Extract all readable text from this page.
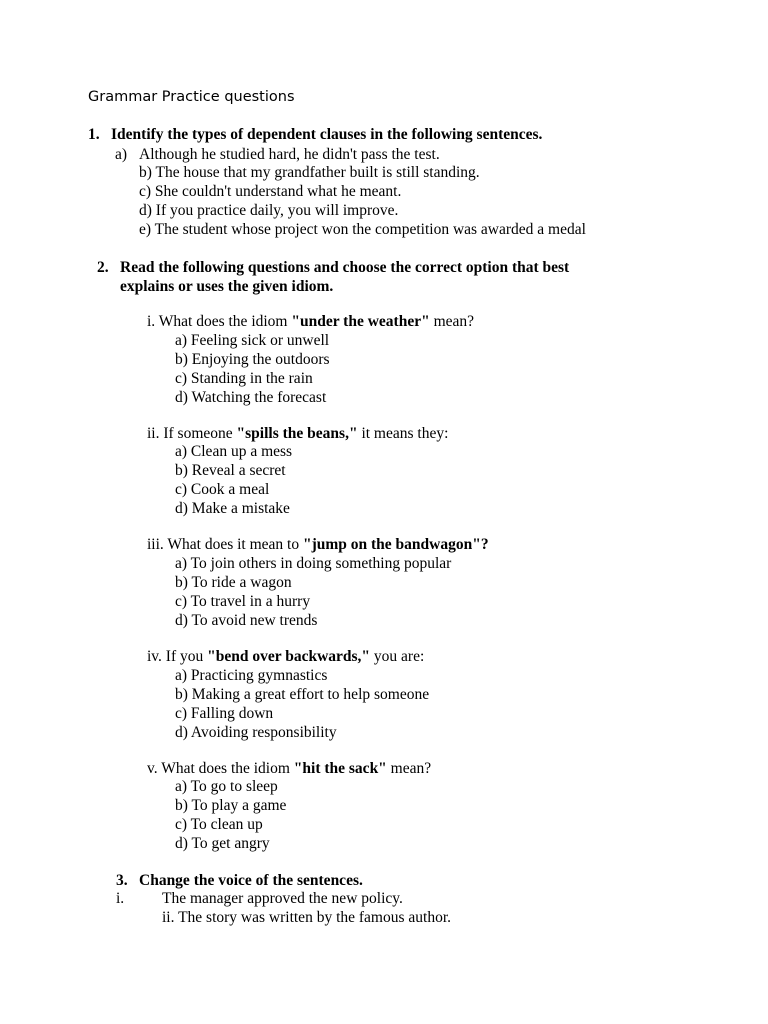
Grammar Practice questions
1. Identify the types of dependent clauses in the following sentences.
a) Although he studied hard, he didn't pass the test.
b) The house that my grandfather built is still standing.
c) She couldn't understand what he meant.
d) If you practice daily, you will improve.
e) The student whose project won the competition was awarded a medal
2. Read the following questions and choose the correct option that best
explains or uses the given idiom.
i. What does the idiom "under the weather" mean?
a) Feeling sick or unwell
b) Enjoying the outdoors
c) Standing in the rain
d) Watching the forecast
ii. If someone "spills the beans," it means they:
a) Clean up a mess
b) Reveal a secret
c) Cook a meal
d) Make a mistake
iii. What does it mean to "jump on the bandwagon"?
a) To join others in doing something popular
b) To ride a wagon
c) To travel in a hurry
d) To avoid new trends
iv. If you "bend over backwards," you are:
a) Practicing gymnastics
b) Making a great effort to help someone
c) Falling down
d) Avoiding responsibility
v. What does the idiom "hit the sack" mean?
a) To go to sleep
b) To play a game
c) To clean up
d) To get angry
3. Change the voice of the sentences.
i. The manager approved the new policy.
ii. The story was written by the famous author.
